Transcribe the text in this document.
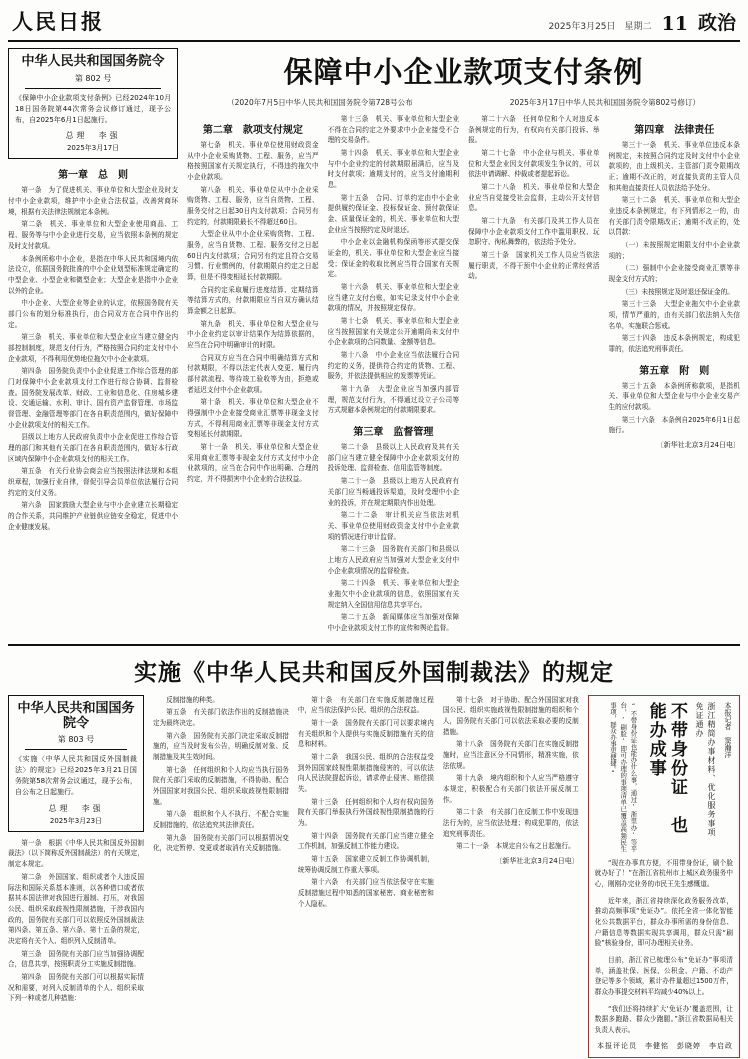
人民日报	2025年3月25日　星期二 11 政治
中华人民共和国国务院令
第 802 号
《保障中小企业款项支付条例》已经2024年10月18日国务院第44次常务会议修订通过，现予公布，自2025年6月1日起施行。
总理　李强
2025年3月17日
第一章　总　则

第一条　为了促进机关、事业单位和大型企业及时支付中小企业款项，维护中小企业合法权益，改善营商环境，根据有关法律法规制定本条例。

第二条　机关、事业单位和大型企业使用商品、工程、服务等与中小企业进行交易，应当依照本条例的规定及时支付款项。

本条例所称中小企业，是指在中华人民共和国境内依法设立，依据国务院批准的中小企业划型标准规定确定的中型企业、小型企业和微型企业；大型企业是指中小企业以外的企业。

中小企业、大型企业等企业的认定，依照国务院有关部门公布的划分标准执行，由合同双方在合同中作出约定。

第三条　机关、事业单位和大型企业应当建立健全内部控制制度，规范支付行为，严格按照合同约定支付中小企业款项，不得利用优势地位拖欠中小企业款项。

第四条　国务院负责中小企业促进工作综合管理的部门对保障中小企业款项支付工作进行综合协调、监督检查。国务院发展改革、财政、工业和信息化、住房城乡建设、交通运输、水利、审计、国有资产监督管理、市场监督管理、金融管理等部门在各自职责范围内，做好保障中小企业款项支付的相关工作。

县级以上地方人民政府负责中小企业促进工作综合管理的部门和其他有关部门在各自职责范围内，做好本行政区域内保障中小企业款项支付的相关工作。

第五条　有关行业协会商会应当按照法律法规和本组织章程，加强行业自律，督促引导会员单位依法履行合同约定的支付义务。

第六条　国家鼓励大型企业与中小企业建立长期稳定的合作关系，共同维护产业链供应链安全稳定，促进中小企业健康发展。

保障中小企业款项支付条例
（2020年7月5日中华人民共和国国务院令第728号公布	2025年3月17日中华人民共和国国务院令第802号修订）
第二章　款项支付规定

第七条　机关、事业单位使用财政资金从中小企业采购货物、工程、服务，应当严格按照国家有关规定执行，不得违约拖欠中小企业款项。

第八条　机关、事业单位从中小企业采购货物、工程、服务，应当自货物、工程、服务交付之日起30日内支付款项；合同另有约定的，付款期限最长不得超过60日。

大型企业从中小企业采购货物、工程、服务，应当自货物、工程、服务交付之日起60日内支付款项；合同另有约定且符合交易习惯、行业惯例的，付款期限自约定之日起算，但是不得变相延长付款期限。

合同约定采取履行进度结算、定期结算等结算方式的，付款期限应当自双方确认结算金额之日起算。

第九条　机关、事业单位和大型企业与中小企业约定以审计结果作为结算依据的，应当在合同中明确审计的时限。

合同双方应当在合同中明确结算方式和付款期限，不得以法定代表人变更、履行内部付款流程、等待竣工验收等为由，拒绝或者延迟支付中小企业款项。

第十条　机关、事业单位和大型企业不得强制中小企业接受商业汇票等非现金支付方式，不得利用商业汇票等非现金支付方式变相延长付款期限。

第十一条　机关、事业单位和大型企业采用商业汇票等非现金支付方式支付中小企业款项的，应当在合同中作出明确、合理的约定，并不得损害中小企业的合法权益。

第十三条　机关、事业单位和大型企业不得在合同约定之外要求中小企业接受不合理的交易条件。

第十四条　机关、事业单位和大型企业与中小企业约定的付款期限届满后，应当及时支付款项；逾期支付的，应当支付逾期利息。

第十五条　合同、订单约定由中小企业提供履约保证金、投标保证金、预付款保证金、质量保证金的，机关、事业单位和大型企业应当按照约定及时退还。

中小企业以金融机构保函等形式提交保证金的，机关、事业单位和大型企业应当接受；保证金的收取比例应当符合国家有关规定。

第十六条　机关、事业单位和大型企业应当建立支付台账，如实记录支付中小企业款项的情况，并按照规定保存。

第十七条　机关、事业单位和大型企业应当按照国家有关规定公开逾期尚未支付中小企业款项的合同数量、金额等信息。

第十八条　中小企业应当依法履行合同约定的义务，提供符合约定的货物、工程、服务，并依法提供相应的发票等凭证。

第十九条　大型企业应当加强内部管理，规范支付行为，不得通过设立子公司等方式规避本条例规定的付款期限要求。

第三章　监督管理

第二十条　县级以上人民政府及其有关部门应当建立健全保障中小企业款项支付的投诉处理、监督检查、信用监管等制度。

第二十一条　县级以上地方人民政府有关部门应当畅通投诉渠道，及时受理中小企业的投诉，并在规定期限内作出处理。

第二十二条　审计机关应当依法对机关、事业单位使用财政资金支付中小企业款项的情况进行审计监督。

第二十三条　国务院有关部门和县级以上地方人民政府应当加强对大型企业支付中小企业款项情况的监督检查。

第二十四条　机关、事业单位和大型企业拖欠中小企业款项的信息，依照国家有关规定纳入全国信用信息共享平台。

第二十五条　新闻媒体应当加强对保障中小企业款项支付工作的宣传和舆论监督。

第二十六条　任何单位和个人对违反本条例规定的行为，有权向有关部门投诉、举报。

第二十七条　中小企业与机关、事业单位和大型企业因支付款项发生争议的，可以依法申请调解、仲裁或者提起诉讼。

第二十八条　机关、事业单位和大型企业应当自觉接受社会监督，主动公开支付信息。

第二十九条　有关部门及其工作人员在保障中小企业款项支付工作中滥用职权、玩忽职守、徇私舞弊的，依法给予处分。

第三十条　国家机关工作人员应当依法履行职责，不得干预中小企业的正常经营活动。

第四章　法律责任

第三十一条　机关、事业单位违反本条例规定，未按照合同约定及时支付中小企业款项的，由上级机关、主管部门责令限期改正；逾期不改正的，对直接负责的主管人员和其他直接责任人员依法给予处分。

第三十二条　机关、事业单位和大型企业违反本条例规定，有下列情形之一的，由有关部门责令限期改正；逾期不改正的，处以罚款：

（一）未按照规定期限支付中小企业款项的；

（二）强制中小企业接受商业汇票等非现金支付方式的；

（三）未按照规定及时退还保证金的。

第三十三条　大型企业拖欠中小企业款项，情节严重的，由有关部门依法纳入失信名单，实施联合惩戒。

第三十四条　违反本条例规定，构成犯罪的，依法追究刑事责任。

第五章　附　则

第三十五条　本条例所称款项，是指机关、事业单位和大型企业与中小企业交易产生的应付款项。

第三十六条　本条例自2025年6月1日起施行。

〔新华社北京3月24日电〕
实施《中华人民共和国反外国制裁法》的规定
中华人民共和国国务院令
第 803 号
《实施〈中华人民共和国反外国制裁法〉的规定》已经2025年3月21日国务院第58次常务会议通过，现予公布，自公布之日起施行。
总理　李强
2025年3月23日

第一条　根据《中华人民共和国反外国制裁法》（以下简称反外国制裁法）的有关规定，制定本规定。

第二条　外国国家、组织或者个人违反国际法和国际关系基本准则，以各种借口或者依据其本国法律对我国进行遏制、打压，对我国公民、组织采取歧视性限制措施，干涉我国内政的，国务院有关部门可以依照反外国制裁法第四条、第五条、第六条、第十五条的规定，决定将有关个人、组织列入反制清单。

第三条　国务院有关部门应当加强协调配合，信息共享，按照职责分工实施反制措施。

第四条　国务院有关部门可以根据实际情况和需要，对列入反制清单的个人、组织采取下列一种或者几种措施：

反制措施的种类。

第五条　有关部门依法作出的反制措施决定为最终决定。

第六条　国务院有关部门决定采取反制措施的，应当及时发布公告，明确反制对象、反制措施及其生效时间。

第七条　任何组织和个人均应当执行国务院有关部门采取的反制措施，不得协助、配合外国国家对我国公民、组织采取歧视性限制措施。

第八条　组织和个人不执行、不配合实施反制措施的，依法追究其法律责任。

第九条　国务院有关部门可以根据情况变化，决定暂停、变更或者取消有关反制措施。

第十条　有关部门在实施反制措施过程中，应当依法保护公民、组织的合法权益。

第十一条　国务院有关部门可以要求境内有关组织和个人提供与实施反制措施有关的信息和材料。

第十二条　我国公民、组织的合法权益受到外国国家歧视性限制措施侵害的，可以依法向人民法院提起诉讼，请求停止侵害、赔偿损失。

第十三条　任何组织和个人均有权向国务院有关部门举报执行外国歧视性限制措施的行为。

第十四条　国务院有关部门应当建立健全工作机制，加强反制工作能力建设。

第十五条　国家建立反制工作协调机制，统筹协调反制工作重大事项。

第十六条　有关部门应当依法保守在实施反制措施过程中知悉的国家秘密、商业秘密和个人隐私。

第十七条　对于协助、配合外国国家对我国公民、组织实施歧视性限制措施的组织和个人，国务院有关部门可以依法采取必要的反制措施。

第十八条　国务院有关部门在实施反制措施时，应当注意区分不同情形，精准实施，依法依规。

第十九条　境内组织和个人应当严格遵守本规定，积极配合有关部门依法开展反制工作。

第二十条　有关部门在反制工作中发现违法行为的，应当依法处理；构成犯罪的，依法追究刑事责任。

第二十一条　本规定自公布之日起施行。

〔新华社北京3月24日电〕
“不带身份证也能办什么事，通过‘浙里办’等平台，‘刷脸’即可办理的事项清单已覆盖高频民生事项，群众办事更便捷。”	不带身份证　也能办成事	浙江精简办事材料、优化服务事项　免证通办	本报记者　窦瀚洋

“现在办事真方便，不用带身份证，刷个脸就办好了！”在浙江省杭州市上城区政务服务中心，刚刚办完业务的市民王先生感慨道。

近年来，浙江省持续深化政务服务改革，推动高频事项“免证办”。依托全省一体化智能化公共数据平台，群众办事所需的身份信息、户籍信息等数据实现共享调用，群众只需“刷脸”核验身份，即可办理相关业务。

目前，浙江省已梳理公布“免证办”事项清单，涵盖社保、医保、公积金、户籍、不动产登记等多个领域，累计办件量超过1500万件，群众办事提交材料平均减少40%以上。

“我们还将持续扩大‘免证办’覆盖范围，让数据多跑路、群众少跑腿。”浙江省数据局相关负责人表示。

本报评论员　李健铭　彭晓婷　李启政
